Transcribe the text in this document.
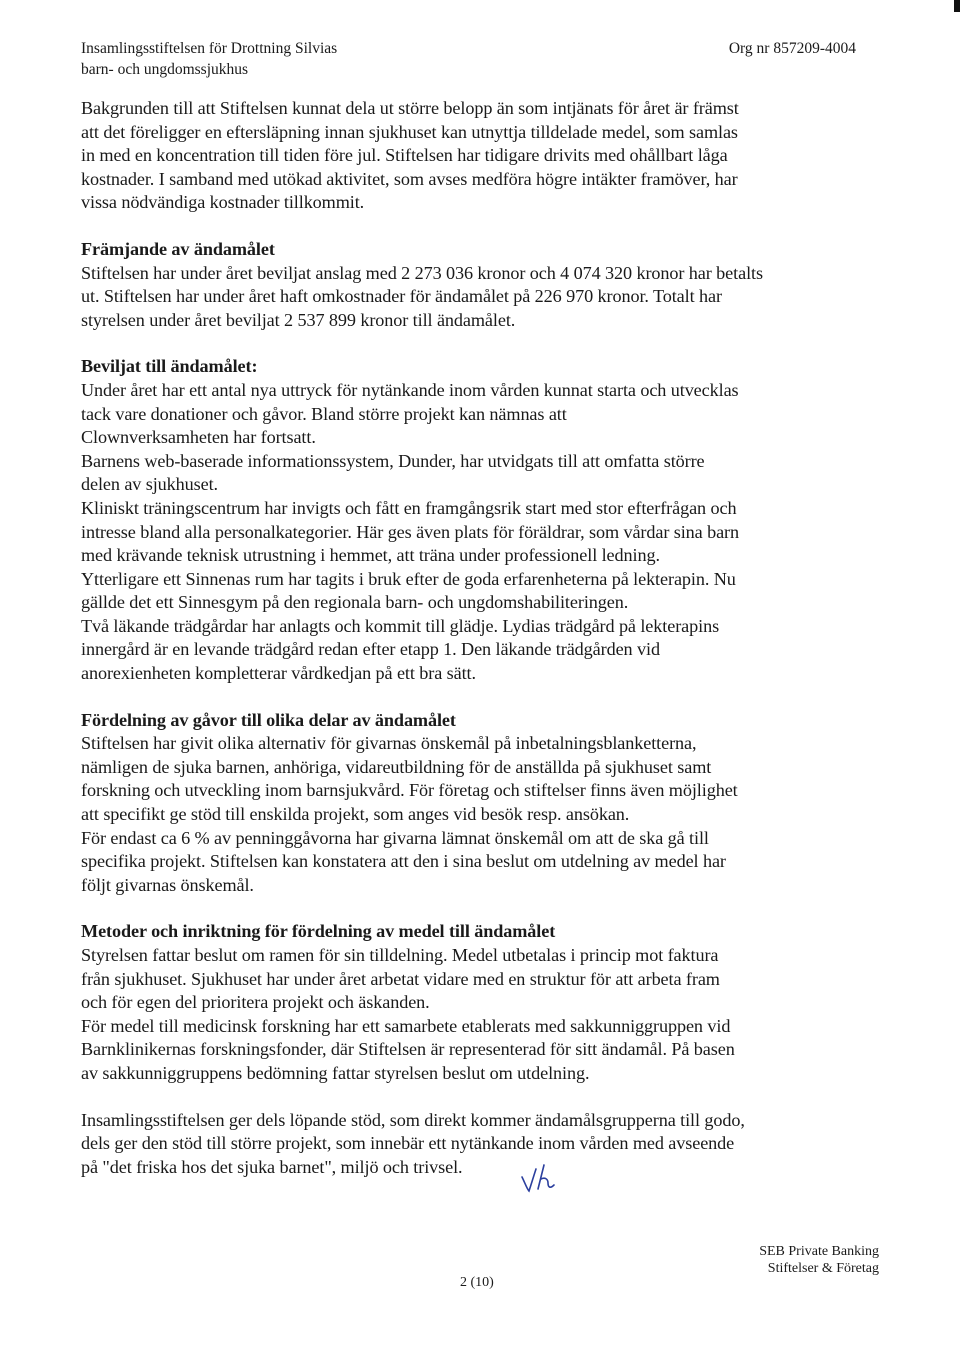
Insamlingsstiftelsen för Drottning Silvias
barn- och ungdomssjukhus
Org nr 857209-4004

Bakgrunden till att Stiftelsen kunnat dela ut större belopp än som intjänats för året är främst
att det föreligger en eftersläpning innan sjukhuset kan utnyttja tilldelade medel, som samlas
in med en koncentration till tiden före jul. Stiftelsen har tidigare drivits med ohållbart låga
kostnader. I samband med utökad aktivitet, som avses medföra högre intäkter framöver, har
vissa nödvändiga kostnader tillkommit.

Främjande av ändamålet
Stiftelsen har under året beviljat anslag med 2 273 036 kronor och 4 074 320 kronor har betalts
ut. Stiftelsen har under året haft omkostnader för ändamålet på 226 970 kronor. Totalt har
styrelsen under året beviljat 2 537 899 kronor till ändamålet.

Beviljat till ändamålet:
Under året har ett antal nya uttryck för nytänkande inom vården kunnat starta och utvecklas
tack vare donationer och gåvor. Bland större projekt kan nämnas att
Clownverksamheten har fortsatt.
Barnens web-baserade informationssystem, Dunder, har utvidgats till att omfatta större
delen av sjukhuset.
Kliniskt träningscentrum har invigts och fått en framgångsrik start med stor efterfrågan och
intresse bland alla personalkategorier. Här ges även plats för föräldrar, som vårdar sina barn
med krävande teknisk utrustning i hemmet, att träna under professionell ledning.
Ytterligare ett Sinnenas rum har tagits i bruk efter de goda erfarenheterna på lekterapin. Nu
gällde det ett Sinnesgym på den regionala barn- och ungdomshabiliteringen.
Två läkande trädgårdar har anlagts och kommit till glädje. Lydias trädgård på lekterapins
innergård är en levande trädgård redan efter etapp 1. Den läkande trädgården vid
anorexienheten kompletterar vårdkedjan på ett bra sätt.

Fördelning av gåvor till olika delar av ändamålet
Stiftelsen har givit olika alternativ för givarnas önskemål på inbetalningsblanketterna,
nämligen de sjuka barnen, anhöriga, vidareutbildning för de anställda på sjukhuset samt
forskning och utveckling inom barnsjukvård. För företag och stiftelser finns även möjlighet
att specifikt ge stöd till enskilda projekt, som anges vid besök resp. ansökan.
För endast ca 6 % av penninggåvorna har givarna lämnat önskemål om att de ska gå till
specifika projekt. Stiftelsen kan konstatera att den i sina beslut om utdelning av medel har
följt givarnas önskemål.

Metoder och inriktning för fördelning av medel till ändamålet
Styrelsen fattar beslut om ramen för sin tilldelning. Medel utbetalas i princip mot faktura
från sjukhuset. Sjukhuset har under året arbetat vidare med en struktur för att arbeta fram
och för egen del prioritera projekt och äskanden.
För medel till medicinsk forskning har ett samarbete etablerats med sakkunniggruppen vid
Barnklinikernas forskningsfonder, där Stiftelsen är representerad för sitt ändamål. På basen
av sakkunniggruppens bedömning fattar styrelsen beslut om utdelning.

Insamlingsstiftelsen ger dels löpande stöd, som direkt kommer ändamålsgrupperna till godo,
dels ger den stöd till större projekt, som innebär ett nytänkande inom vården med avseende
på "det friska hos det sjuka barnet", miljö och trivsel.

2 (10)
SEB Private Banking
Stiftelser & Företag
